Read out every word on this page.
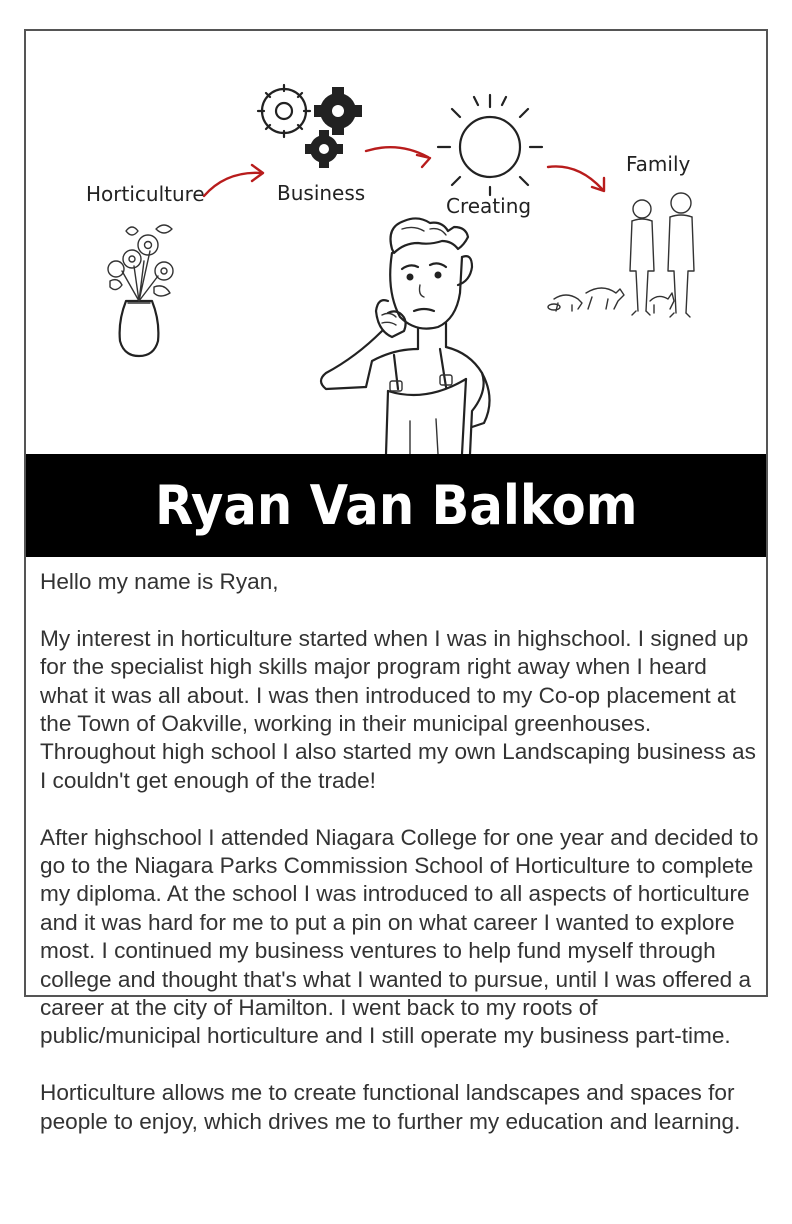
Horticulture	Business
Creating
Family
Ryan Van Balkom

Hello my name is Ryan,

My interest in horticulture started when I was in highschool. I signed up for the specialist high skills major program right away when I heard what it was all about. I was then introduced to my Co-op placement at the Town of Oakville, working in their municipal greenhouses. Throughout high school I also started my own Landscaping business as I couldn't get enough of the trade!

After highschool I attended Niagara College for one year and decided to go to the Niagara Parks Commission School of Horticulture to complete my diploma. At the school I was introduced to all aspects of horticulture and it was hard for me to put a pin on what career I wanted to explore most. I continued my business ventures to help fund myself through college and thought that's what I wanted to pursue, until I was offered a career at the city of Hamilton. I went back to my roots of public/municipal horticulture and I still operate my business part-time.

Horticulture allows me to create functional landscapes and spaces for people to enjoy, which drives me to further my education and learning.
